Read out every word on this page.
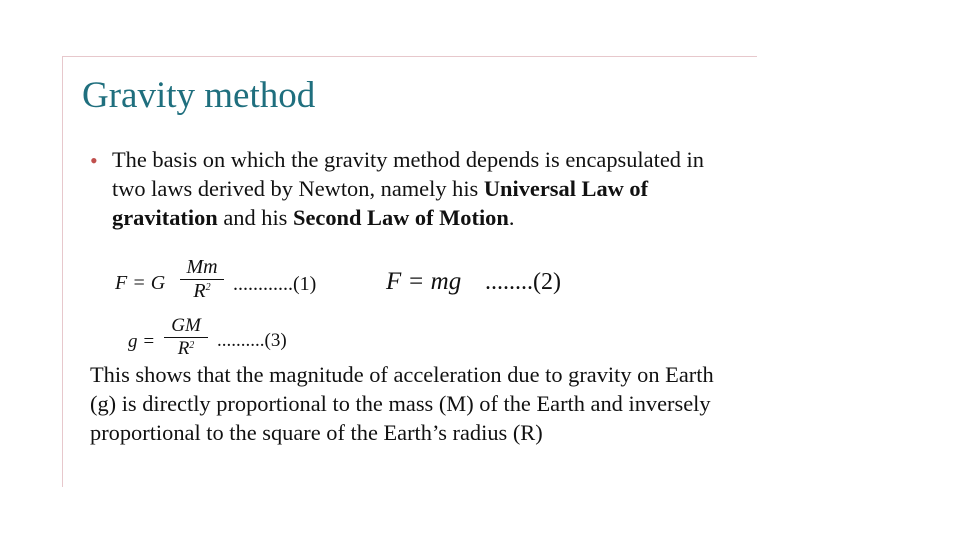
Gravity method
• The basis on which the gravity method depends is encapsulated in two laws derived by Newton, namely his Universal Law of gravitation and his Second Law of Motion.
F = G $\frac{Mm}{R^2} ............(1)$	F = mg ........(2)
$g = \frac{GM}{R^2} ..........(3)$
This shows that the magnitude of acceleration due to gravity on Earth (g) is directly proportional to the mass (M) of the Earth and inversely proportional to the square of the Earth’s radius (R)
